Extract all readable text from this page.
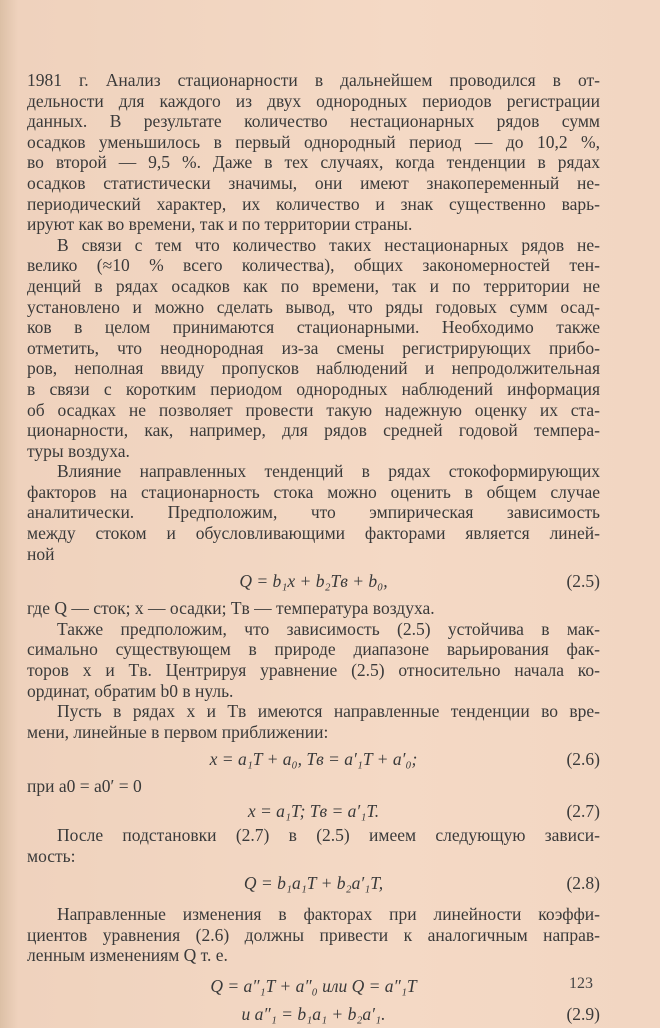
1981 г. Анализ стационарности в дальнейшем проводился в от-
дельности для каждого из двух однородных периодов регистрации
данных. В результате количество нестационарных рядов сумм
осадков уменьшилось в первый однородный период — до 10,2 %,
во второй — 9,5 %. Даже в тех случаях, когда тенденции в рядах
осадков статистически значимы, они имеют знакопеременный не-
периодический характер, их количество и знак существенно варь-
ируют как во времени, так и по территории страны.
В связи с тем что количество таких нестационарных рядов не-
велико (≈10 % всего количества), общих закономерностей тен-
денций в рядах осадков как по времени, так и по территории не
установлено и можно сделать вывод, что ряды годовых сумм осад-
ков в целом принимаются стационарными. Необходимо также
отметить, что неоднородная из-за смены регистрирующих прибо-
ров, неполная ввиду пропусков наблюдений и непродолжительная
в связи с коротким периодом однородных наблюдений информация
об осадках не позволяет провести такую надежную оценку их ста-
ционарности, как, например, для рядов средней годовой темпера-
туры воздуха.
Влияние направленных тенденций в рядах стокоформирующих
факторов на стационарность стока можно оценить в общем случае
аналитически. Предположим, что эмпирическая зависимость
между стоком и обусловливающими факторами является линей-
ной
Q = b₁x + b₂Tв + b₀,	(2.5)
где Q — сток; x — осадки; Tв — температура воздуха.
Также предположим, что зависимость (2.5) устойчива в мак-
симально существующем в природе диапазоне варьирования фак-
торов x и Tв. Центрируя уравнение (2.5) относительно начала ко-
ординат, обратим b0 в нуль.
Пусть в рядах x и Tв имеются направленные тенденции во вре-
мени, линейные в первом приближении:
x = a₁T + a₀, Tв = a′₁T + a′₀;	(2.6)
при a0 = a0′ = 0
x = a₁T; Tв = a′₁T.	(2.7)
После подстановки (2.7) в (2.5) имеем следующую зависи-
мость:
Q = b₁a₁T + b₂a′₁T,	(2.8)
Направленные изменения в факторах при линейности коэффи-
циентов уравнения (2.6) должны привести к аналогичным направ-
ленным изменениям Q т. е.
Q = a″₁T + a″₀ или Q = a″₁T
и a″₁ = b₁a₁ + b₂a′₁.	(2.9)
123
